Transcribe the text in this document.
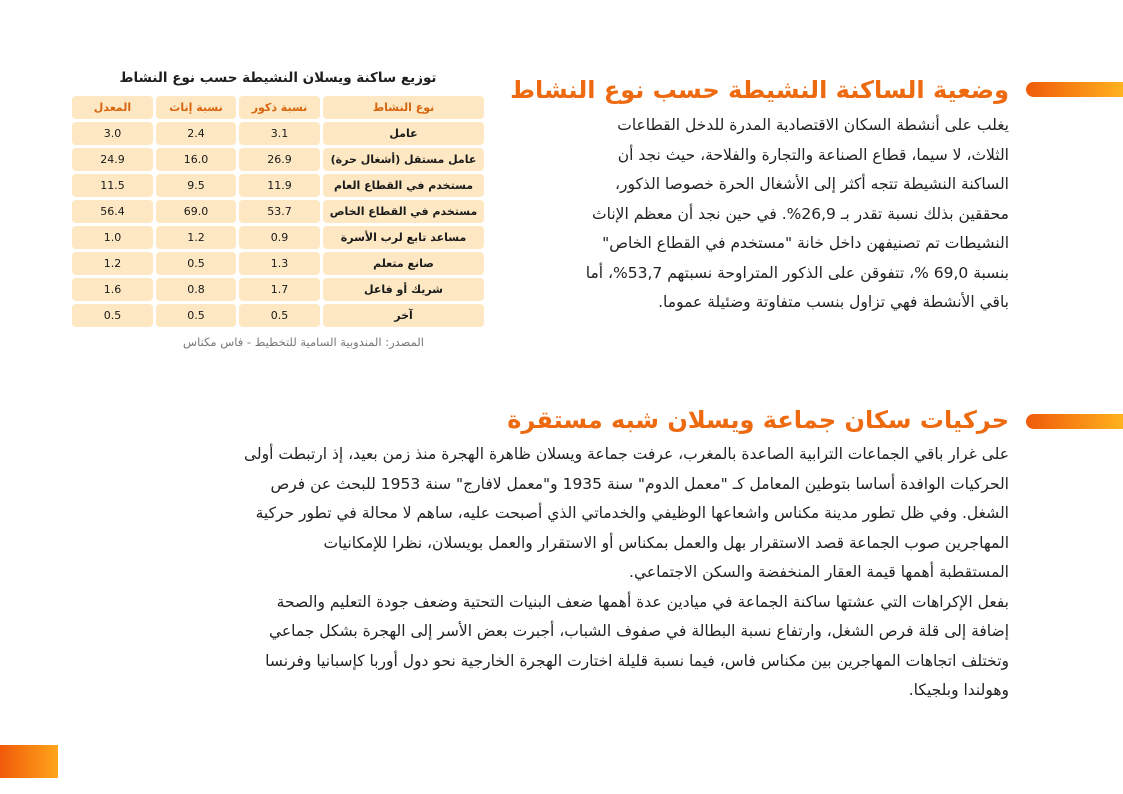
وضعية الساكنة النشيطة حسب نوع النشاط
يغلب على أنشطة السكان الاقتصادية المدرة للدخل القطاعات
الثلاث، لا سيما، قطاع الصناعة والتجارة والفلاحة، حيث نجد أن
الساكنة النشيطة تتجه أكثر إلى الأشغال الحرة خصوصا الذكور،
محققين بذلك نسبة تقدر بـ 26,9%. في حين نجد أن معظم الإناث
النشيطات تم تصنيفهن داخل خانة "مستخدم في القطاع الخاص"
بنسبة 69,0 %، تتفوقن على الذكور المتراوحة نسبتهم 53,7%، أما
باقي الأنشطة فهي تزاول بنسب متفاوتة وضئيلة عموما.
توزيع ساكنة ويسلان النشيطة حسب نوع النشاط
المعدل	نسبة إناث	نسبة ذكور	نوع النشاط
3.0	2.4	3.1	عامل
24.9	16.0	26.9	عامل مستقل (أشغال حرة)
11.5	9.5	11.9	مستخدم في القطاع العام
56.4	69.0	53.7	مستخدم في القطاع الخاص
1.0	1.2	0.9	مساعد تابع لرب الأسرة
1.2	0.5	1.3	صانع متعلم
1.6	0.8	1.7	شريك أو فاعل
0.5	0.5	0.5	آخر
المصدر: المندوبية السامية للتخطيط - فاس مكناس
حركيات سكان جماعة ويسلان شبه مستقرة
على غرار باقي الجماعات الترابية الصاعدة بالمغرب، عرفت جماعة ويسلان ظاهرة الهجرة منذ زمن بعيد، إذ ارتبطت أولى
الحركيات الوافدة أساسا بتوطين المعامل كـ "معمل الدوم" سنة 1935 و"معمل لافارج" سنة 1953 للبحث عن فرص
الشغل. وفي ظل تطور مدينة مكناس واشعاعها الوظيفي والخدماتي الذي أصبحت عليه، ساهم لا محالة في تطور حركية
المهاجرين صوب الجماعة قصد الاستقرار بهل والعمل بمكناس أو الاستقرار والعمل بويسلان، نظرا للإمكانيات
المستقطبة أهمها قيمة العقار المنخفضة والسكن الاجتماعي.
بفعل الإكراهات التي عشتها ساكنة الجماعة في ميادين عدة أهمها ضعف البنيات التحتية وضعف جودة التعليم والصحة
إضافة إلى قلة فرص الشغل، وارتفاع نسبة البطالة في صفوف الشباب، أجبرت بعض الأسر إلى الهجرة بشكل جماعي
وتختلف اتجاهات المهاجرين بين مكناس فاس، فيما نسبة قليلة اختارت الهجرة الخارجية نحو دول أوربا كإسبانيا وفرنسا
وهولندا وبلجيكا.
